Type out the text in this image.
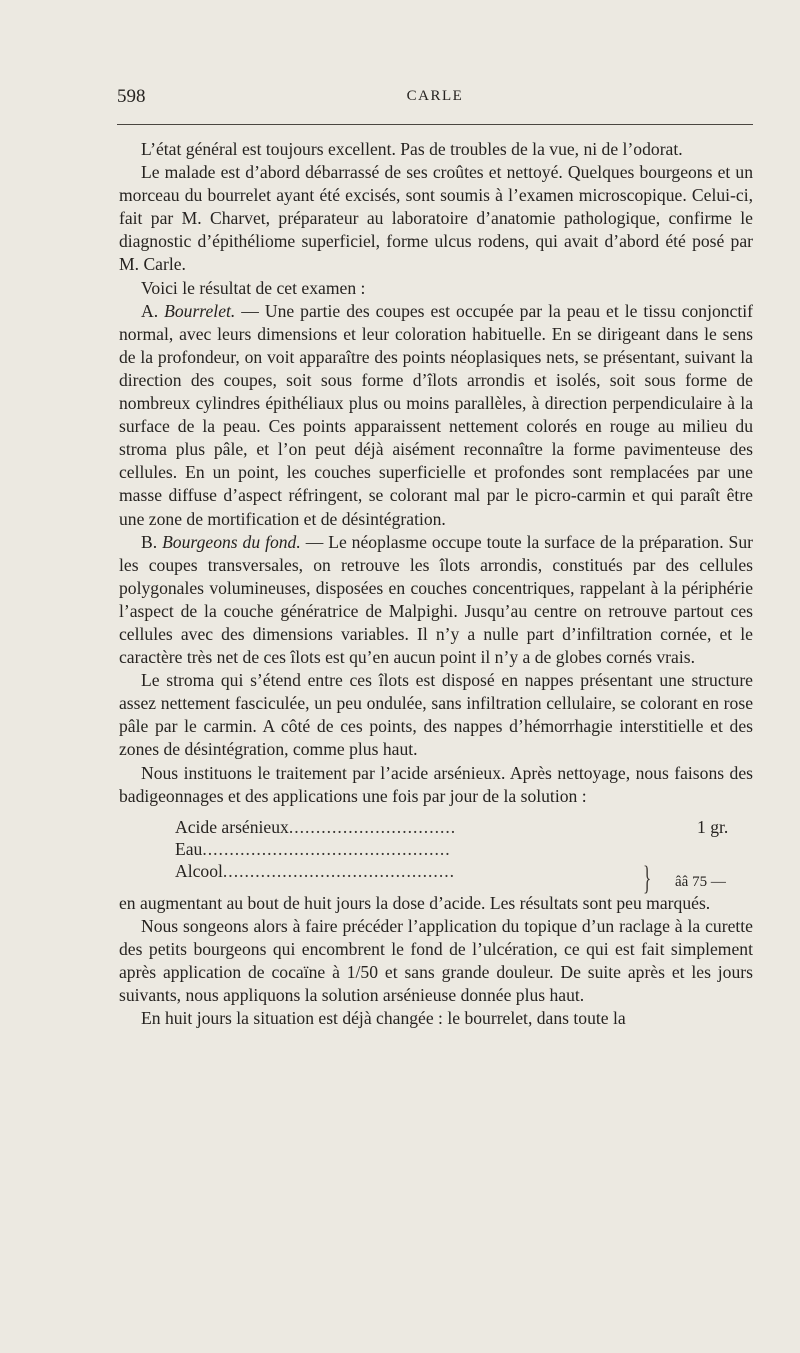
598	CARLE

L’état général est toujours excellent. Pas de troubles de la vue, ni de l’odorat.

Le malade est d’abord débarrassé de ses croûtes et nettoyé. Quelques bourgeons et un morceau du bourrelet ayant été excisés, sont soumis à l’examen microscopique. Celui-ci, fait par M. Charvet, préparateur au laboratoire d’anatomie pathologique, confirme le diagnostic d’épithéliome superficiel, forme ulcus rodens, qui avait d’abord été posé par M. Carle.

Voici le résultat de cet examen :

A. Bourrelet. — Une partie des coupes est occupée par la peau et le tissu conjonctif normal, avec leurs dimensions et leur coloration habituelle. En se dirigeant dans le sens de la profondeur, on voit apparaître des points néoplasiques nets, se présentant, suivant la direction des coupes, soit sous forme d’îlots arrondis et isolés, soit sous forme de nombreux cylindres épithéliaux plus ou moins parallèles, à direction perpendiculaire à la surface de la peau. Ces points apparaissent nettement colorés en rouge au milieu du stroma plus pâle, et l’on peut déjà aisément reconnaître la forme pavimenteuse des cellules. En un point, les couches superficielle et profondes sont remplacées par une masse diffuse d’aspect réfringent, se colorant mal par le picro-carmin et qui paraît être une zone de mortification et de désintégration.

B. Bourgeons du fond. — Le néoplasme occupe toute la surface de la préparation. Sur les coupes transversales, on retrouve les îlots arrondis, constitués par des cellules polygonales volumineuses, disposées en couches concentriques, rappelant à la périphérie l’aspect de la couche génératrice de Malpighi. Jusqu’au centre on retrouve partout ces cellules avec des dimensions variables. Il n’y a nulle part d’infiltration cornée, et le caractère très net de ces îlots est qu’en aucun point il n’y a de globes cornés vrais.

Le stroma qui s’étend entre ces îlots est disposé en nappes présentant une structure assez nettement fasciculée, un peu ondulée, sans infiltration cellulaire, se colorant en rose pâle par le carmin. A côté de ces points, des nappes d’hémorrhagie interstitielle et des zones de désintégration, comme plus haut.

Nous instituons le traitement par l’acide arsénieux. Après nettoyage, nous faisons des badigeonnages et des applications une fois par jour de la solution :

Acide arsénieux...............................	1 gr.
Eau..............................................
} ââ 75 —
Alcool...........................................

en augmentant au bout de huit jours la dose d’acide. Les résultats sont peu marqués.

Nous songeons alors à faire précéder l’application du topique d’un raclage à la curette des petits bourgeons qui encombrent le fond de l’ulcération, ce qui est fait simplement après application de cocaïne à 1/50 et sans grande douleur. De suite après et les jours suivants, nous appliquons la solution arsénieuse donnée plus haut.

En huit jours la situation est déjà changée : le bourrelet, dans toute la
